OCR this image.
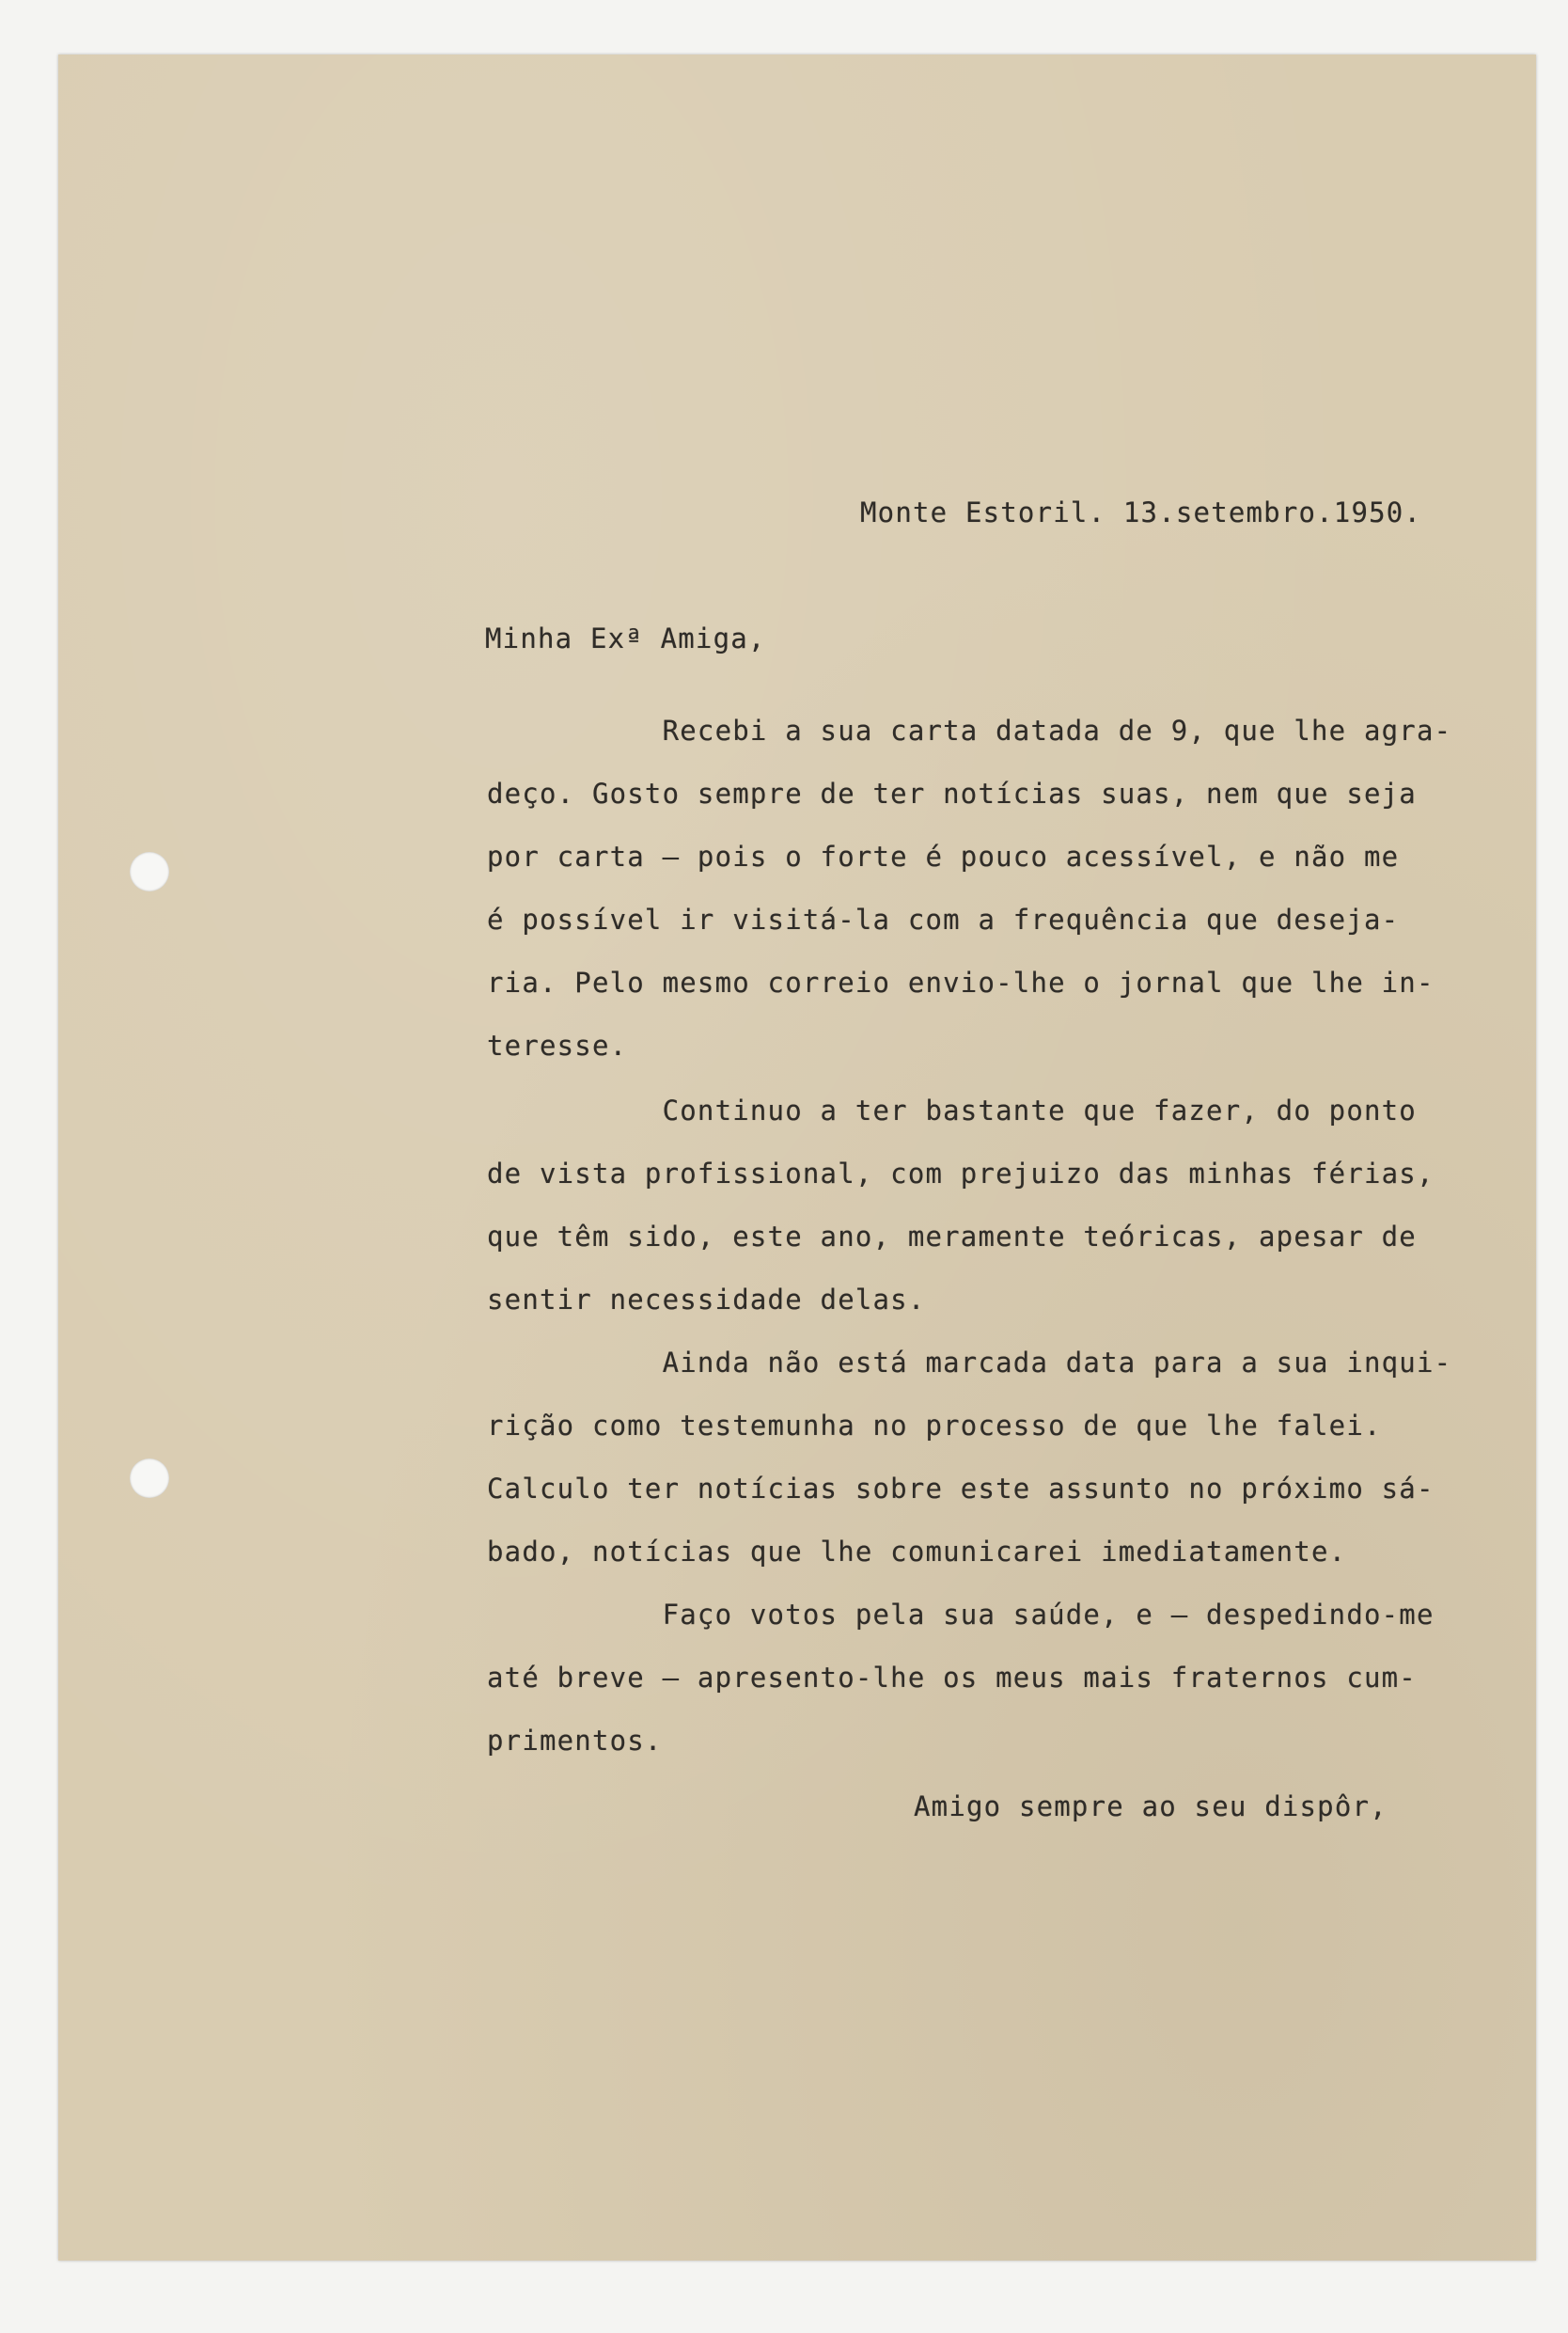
Monte Estoril. 13.setembro.1950.
Minha Exª Amiga,
Recebi a sua carta datada de 9, que lhe agra-
deço. Gosto sempre de ter notícias suas, nem que seja
por carta — pois o forte é pouco acessível, e não me
é possível ir visitá-la com a frequência que deseja-
ria. Pelo mesmo correio envio-lhe o jornal que lhe in-
teresse.
Continuo a ter bastante que fazer, do ponto
de vista profissional, com prejuizo das minhas férias,
que têm sido, este ano, meramente teóricas, apesar de
sentir necessidade delas.
Ainda não está marcada data para a sua inqui-
rição como testemunha no processo de que lhe falei.
Calculo ter notícias sobre este assunto no próximo sá-
bado, notícias que lhe comunicarei imediatamente.
Faço votos pela sua saúde, e — despedindo-me
até breve — apresento-lhe os meus mais fraternos cum-
primentos.
Amigo sempre ao seu dispôr,
